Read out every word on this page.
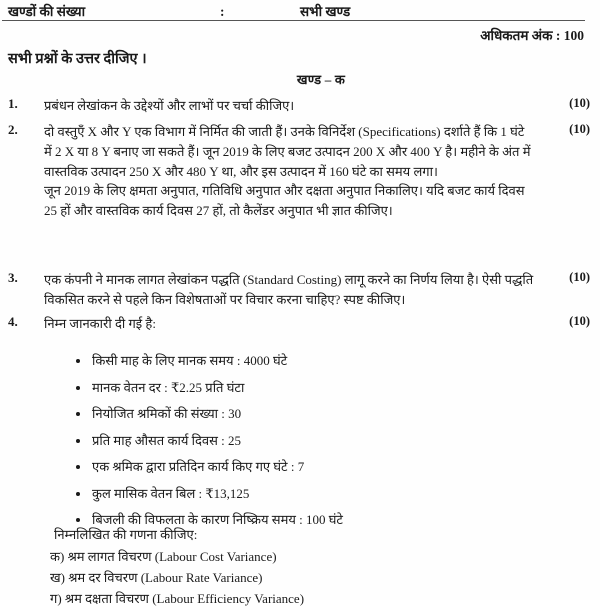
खण्डों की संख्या	:	सभी खण्ड
अधिकतम अंक : 100
सभी प्रश्नों के उत्तर दीजिए ।
खण्ड – क
1.	प्रबंधन लेखांकन के उद्देश्यों और लाभों पर चर्चा कीजिए।	(10)
2.	दो वस्तुएँ X और Y एक विभाग में निर्मित की जाती हैं। उनके विनिर्देश (Specifications) दर्शाते हैं कि 1 घंटे में 2 X या 8 Y बनाए जा सकते हैं। जून 2019 के लिए बजट उत्पादन 200 X और 400 Y है। महीने के अंत में वास्तविक उत्पादन 250 X और 480 Y था, और इस उत्पादन में 160 घंटे का समय लगा।

जून 2019 के लिए क्षमता अनुपात, गतिविधि अनुपात और दक्षता अनुपात निकालिए। यदि बजट कार्य दिवस 25 हों और वास्तविक कार्य दिवस 27 हों, तो कैलेंडर अनुपात भी ज्ञात कीजिए।

(10)
3.	एक कंपनी ने मानक लागत लेखांकन पद्धति (Standard Costing) लागू करने का निर्णय लिया है। ऐसी पद्धति विकसित करने से पहले किन विशेषताओं पर विचार करना चाहिए? स्पष्ट कीजिए।

(10)
4.	निम्न जानकारी दी गई है:	(10)
किसी माह के लिए मानक समय : 4000 घंटे
मानक वेतन दर : ₹2.25 प्रति घंटा
नियोजित श्रमिकों की संख्या : 30
प्रति माह औसत कार्य दिवस : 25
एक श्रमिक द्वारा प्रतिदिन कार्य किए गए घंटे : 7
कुल मासिक वेतन बिल : ₹13,125
बिजली की विफलता के कारण निष्क्रिय समय : 100 घंटे

निम्नलिखित की गणना कीजिए:

क) श्रम लागत विचरण (Labour Cost Variance)

ख) श्रम दर विचरण (Labour Rate Variance)

ग) श्रम दक्षता विचरण (Labour Efficiency Variance)
